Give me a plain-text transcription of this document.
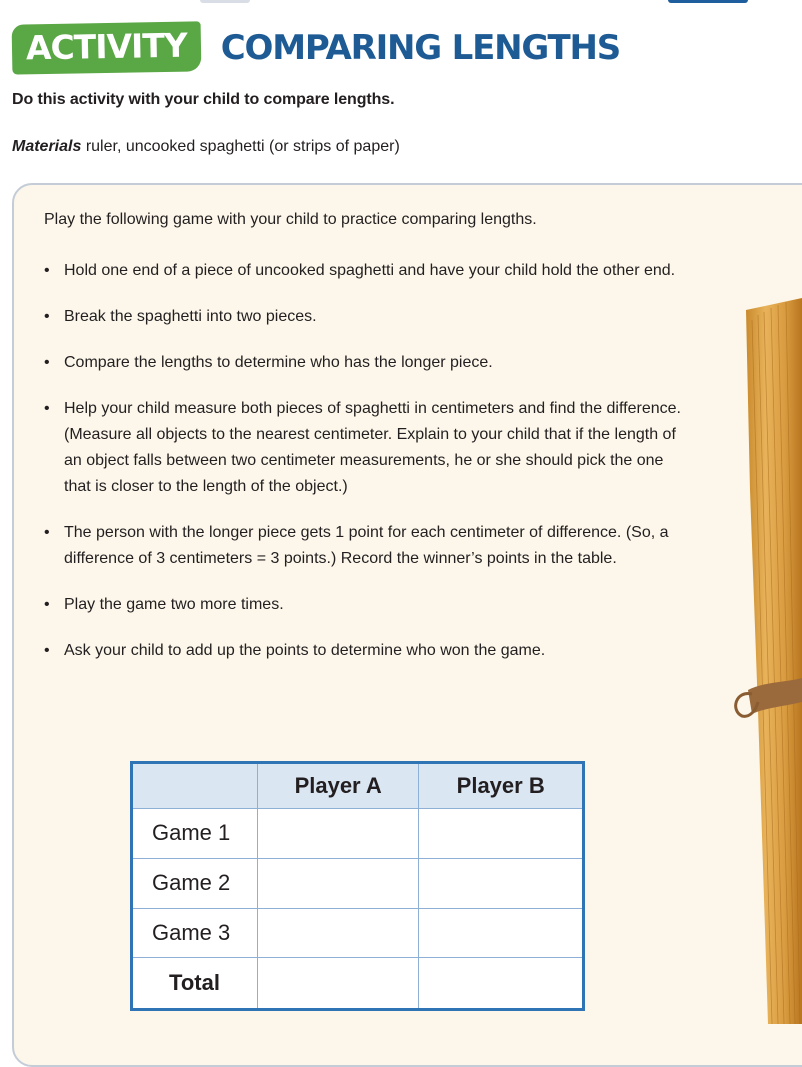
ACTIVITY COMPARING LENGTHS
Do this activity with your child to compare lengths.
Materials ruler, uncooked spaghetti (or strips of paper)
Play the following game with your child to practice comparing lengths.
• Hold one end of a piece of uncooked spaghetti and have your child hold the other end.
• Break the spaghetti into two pieces.
• Compare the lengths to determine who has the longer piece.
• Help your child measure both pieces of spaghetti in centimeters and find the difference. (Measure all objects to the nearest centimeter. Explain to your child that if the length of an object falls between two centimeter measurements, he or she should pick the one that is closer to the length of the object.)
• The person with the longer piece gets 1 point for each centimeter of difference. (So, a difference of 3 centimeters = 3 points.) Record the winner’s points in the table.
• Play the game two more times.
• Ask your child to add up the points to determine who won the game.
	Player A	Player B
Game 1		
Game 2		
Game 3		
Total		
